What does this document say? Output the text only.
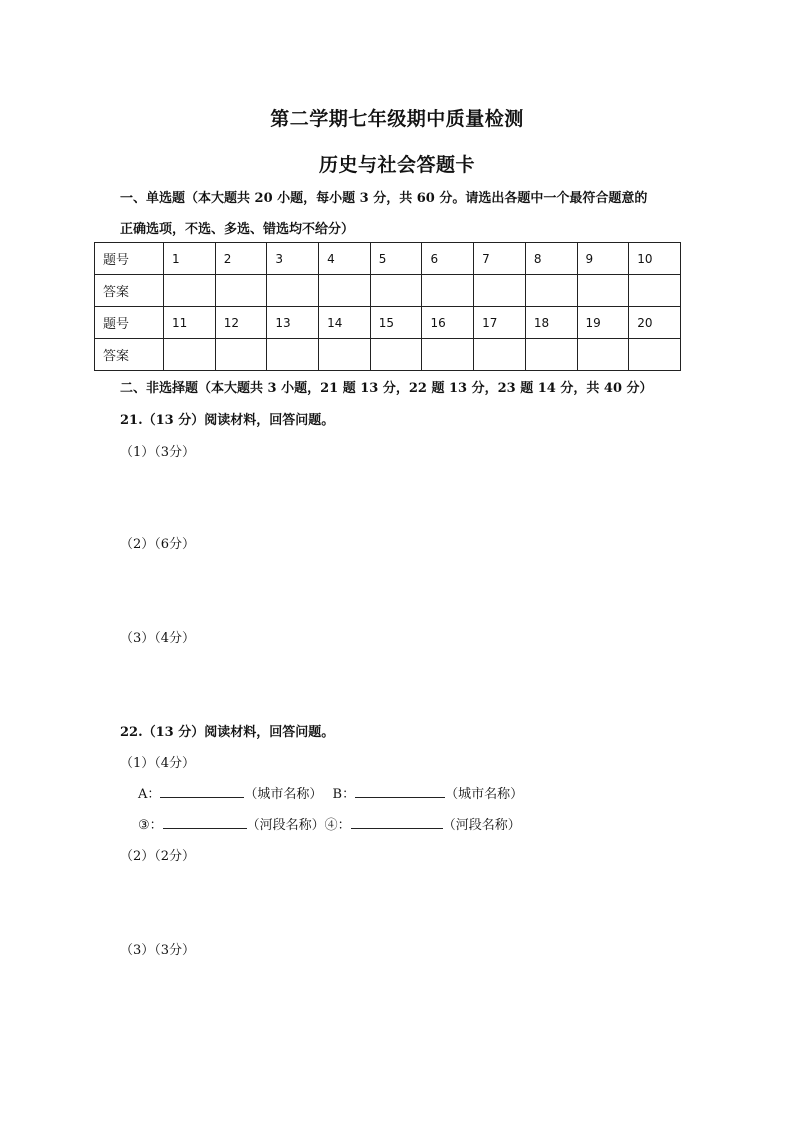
第二学期七年级期中质量检测
历史与社会答题卡
一、单选题（本大题共 20 小题，每小题 3 分，共 60 分。请选出各题中一个最符合题意的
正确选项，不选、多选、错选均不给分）
题号	1	2	3	4	5	6	7	8	9	10
答案										
题号	11	12	13	14	15	16	17	18	19	20
答案										
二、非选择题（本大题共 3 小题，21 题 13 分，22 题 13 分，23 题 14 分，共 40 分）
21.（13 分）阅读材料，回答问题。
（1）（3分）
（2）（6分）
（3）（4分）
22.（13 分）阅读材料，回答问题。
（1）（4分）
A：	（城市名称） B：	（城市名称）
③：	（河段名称）④：	（河段名称）
（2）（2分）
（3）（3分）
